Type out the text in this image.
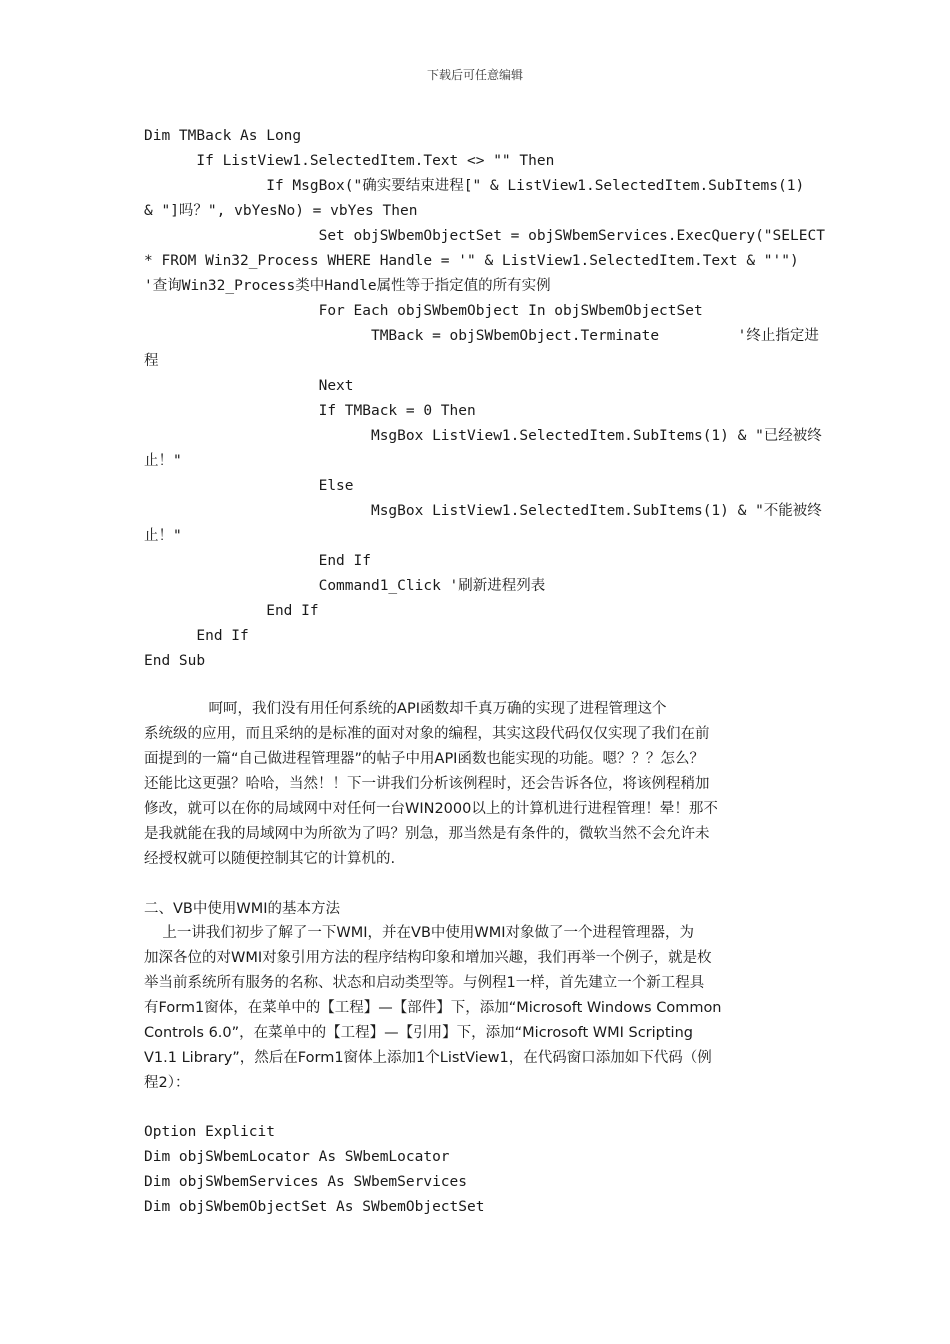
下载后可任意编辑
Dim TMBack As Long
If ListView1.SelectedItem.Text <> "" Then
If MsgBox("确实要结束进程[" & ListView1.SelectedItem.SubItems(1)
& "]吗？", vbYesNo) = vbYes Then
Set objSWbemObjectSet = objSWbemServices.ExecQuery("SELECT
* FROM Win32_Process WHERE Handle = '" & ListView1.SelectedItem.Text & "'")
'查询Win32_Process类中Handle属性等于指定值的所有实例
For Each objSWbemObject In objSWbemObjectSet
TMBack = objSWbemObject.Terminate         '终止指定进
程
Next
If TMBack = 0 Then
MsgBox ListView1.SelectedItem.SubItems(1) & "已经被终
止！"
Else
MsgBox ListView1.SelectedItem.SubItems(1) & "不能被终
止！"
End If
Command1_Click '刷新进程列表
End If
End If
End Sub
呵呵，我们没有用任何系统的API函数却千真万确的实现了进程管理这个
系统级的应用，而且采纳的是标准的面对对象的编程，其实这段代码仅仅实现了我们在前
面提到的一篇“自己做进程管理器”的帖子中用API函数也能实现的功能。嗯？？？怎么？
还能比这更强？哈哈，当然！！下一讲我们分析该例程时，还会告诉各位，将该例程稍加
修改，就可以在你的局域网中对任何一台WIN2000以上的计算机进行进程管理！晕！那不
是我就能在我的局域网中为所欲为了吗？别急，那当然是有条件的，微软当然不会允许未
经授权就可以随便控制其它的计算机的.
二、VB中使用WMI的基本方法
上一讲我们初步了解了一下WMI，并在VB中使用WMI对象做了一个进程管理器，为
加深各位的对WMI对象引用方法的程序结构印象和增加兴趣，我们再举一个例子，就是枚
举当前系统所有服务的名称、状态和启动类型等。与例程1一样，首先建立一个新工程具
有Form1窗体，在菜单中的【工程】—【部件】下，添加“Microsoft Windows Common
Controls 6.0”，在菜单中的【工程】—【引用】下，添加“Microsoft WMI Scripting
V1.1 Library”，然后在Form1窗体上添加1个ListView1，在代码窗口添加如下代码（例
程2）：
Option Explicit
Dim objSWbemLocator As SWbemLocator
Dim objSWbemServices As SWbemServices
Dim objSWbemObjectSet As SWbemObjectSet
